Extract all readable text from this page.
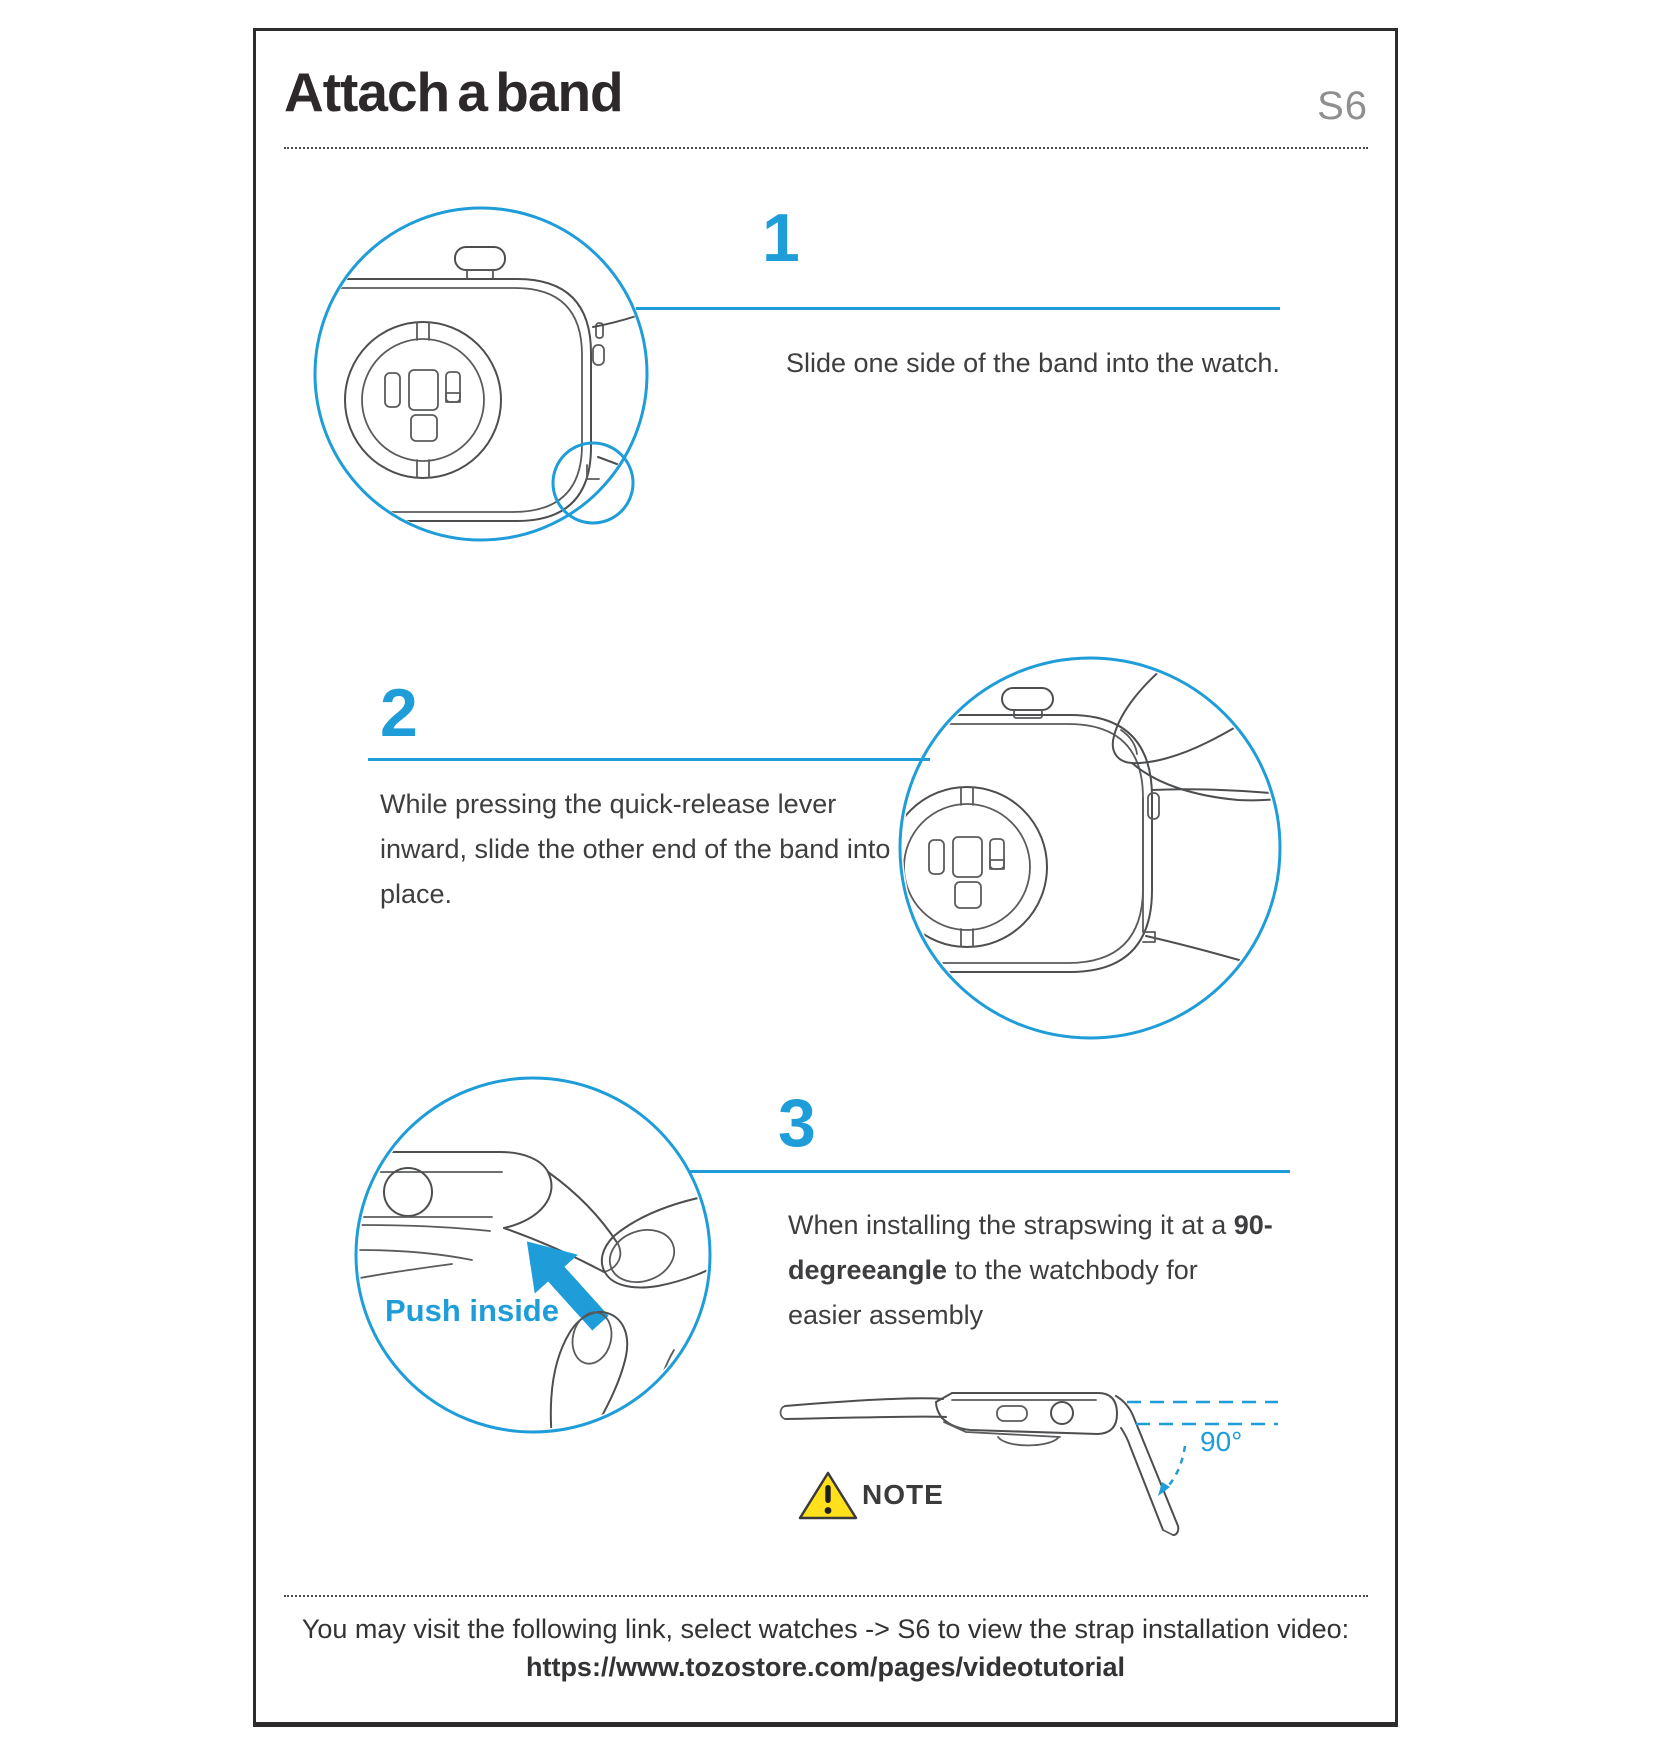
Attach a band	S6
1
Slide one side of the band into the watch.
2
While pressing the quick-release lever inward, slide the other end of the band into place.
3
When installing the strapswing it at a 90-degreeangle to the watchbody for easier assembly
Push inside
90°
NOTE
You may visit the following link, select watches -> S6 to view the strap installation video:
https://www.tozostore.com/pages/videotutorial
